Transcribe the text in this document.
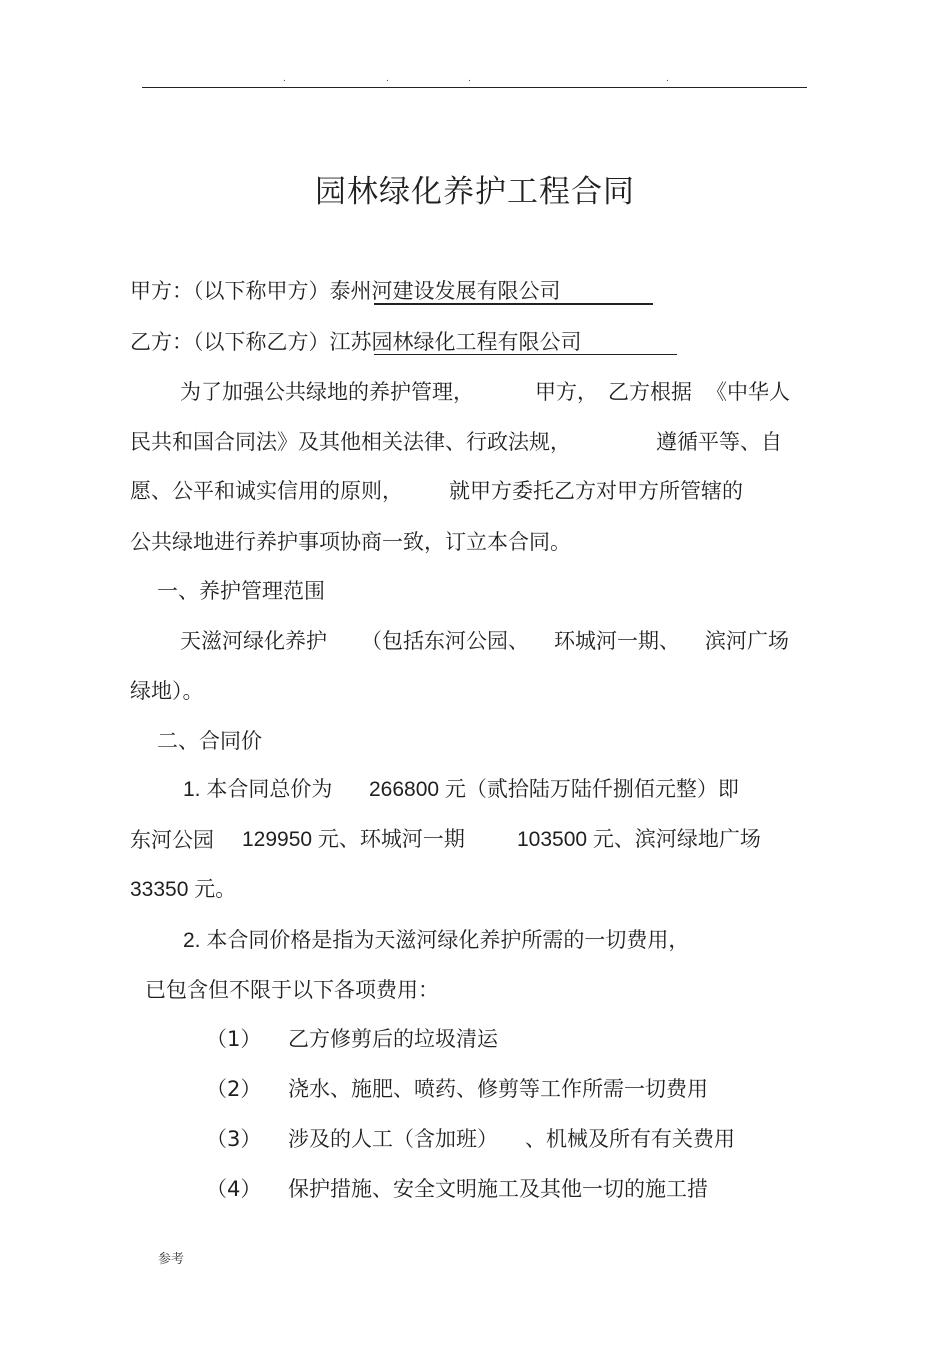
.	.	.	.
园林绿化养护工程合同
甲方：（以下称甲方）泰州河建设发展有限公司
乙方：（以下称乙方）江苏园林绿化工程有限公司
为了加强公共绿地的养护管理，	甲方， 乙方根据 《中华人
民共和国合同法》及其他相关法律、行政法规，	遵循平等、自
愿、公平和诚实信用的原则， 就甲方委托乙方对甲方所管辖的
公共绿地进行养护事项协商一致，订立本合同。
一、养护管理范围
天滋河绿化养护 （包括东河公园、 环城河一期、 滨河广场
绿地）。
二、合同价
1. 本合同总价为 266800 元（贰拾陆万陆仟捌佰元整）即
东河公园 129950 元、环城河一期 103500 元、滨河绿地广场
33350 元。
2. 本合同价格是指为天滋河绿化养护所需的一切费用，
已包含但不限于以下各项费用：
（1） 乙方修剪后的垃圾清运
（2） 浇水、施肥、喷药、修剪等工作所需一切费用
（3） 涉及的人工（含加班） 、机械及所有有关费用
（4） 保护措施、安全文明施工及其他一切的施工措
参考
